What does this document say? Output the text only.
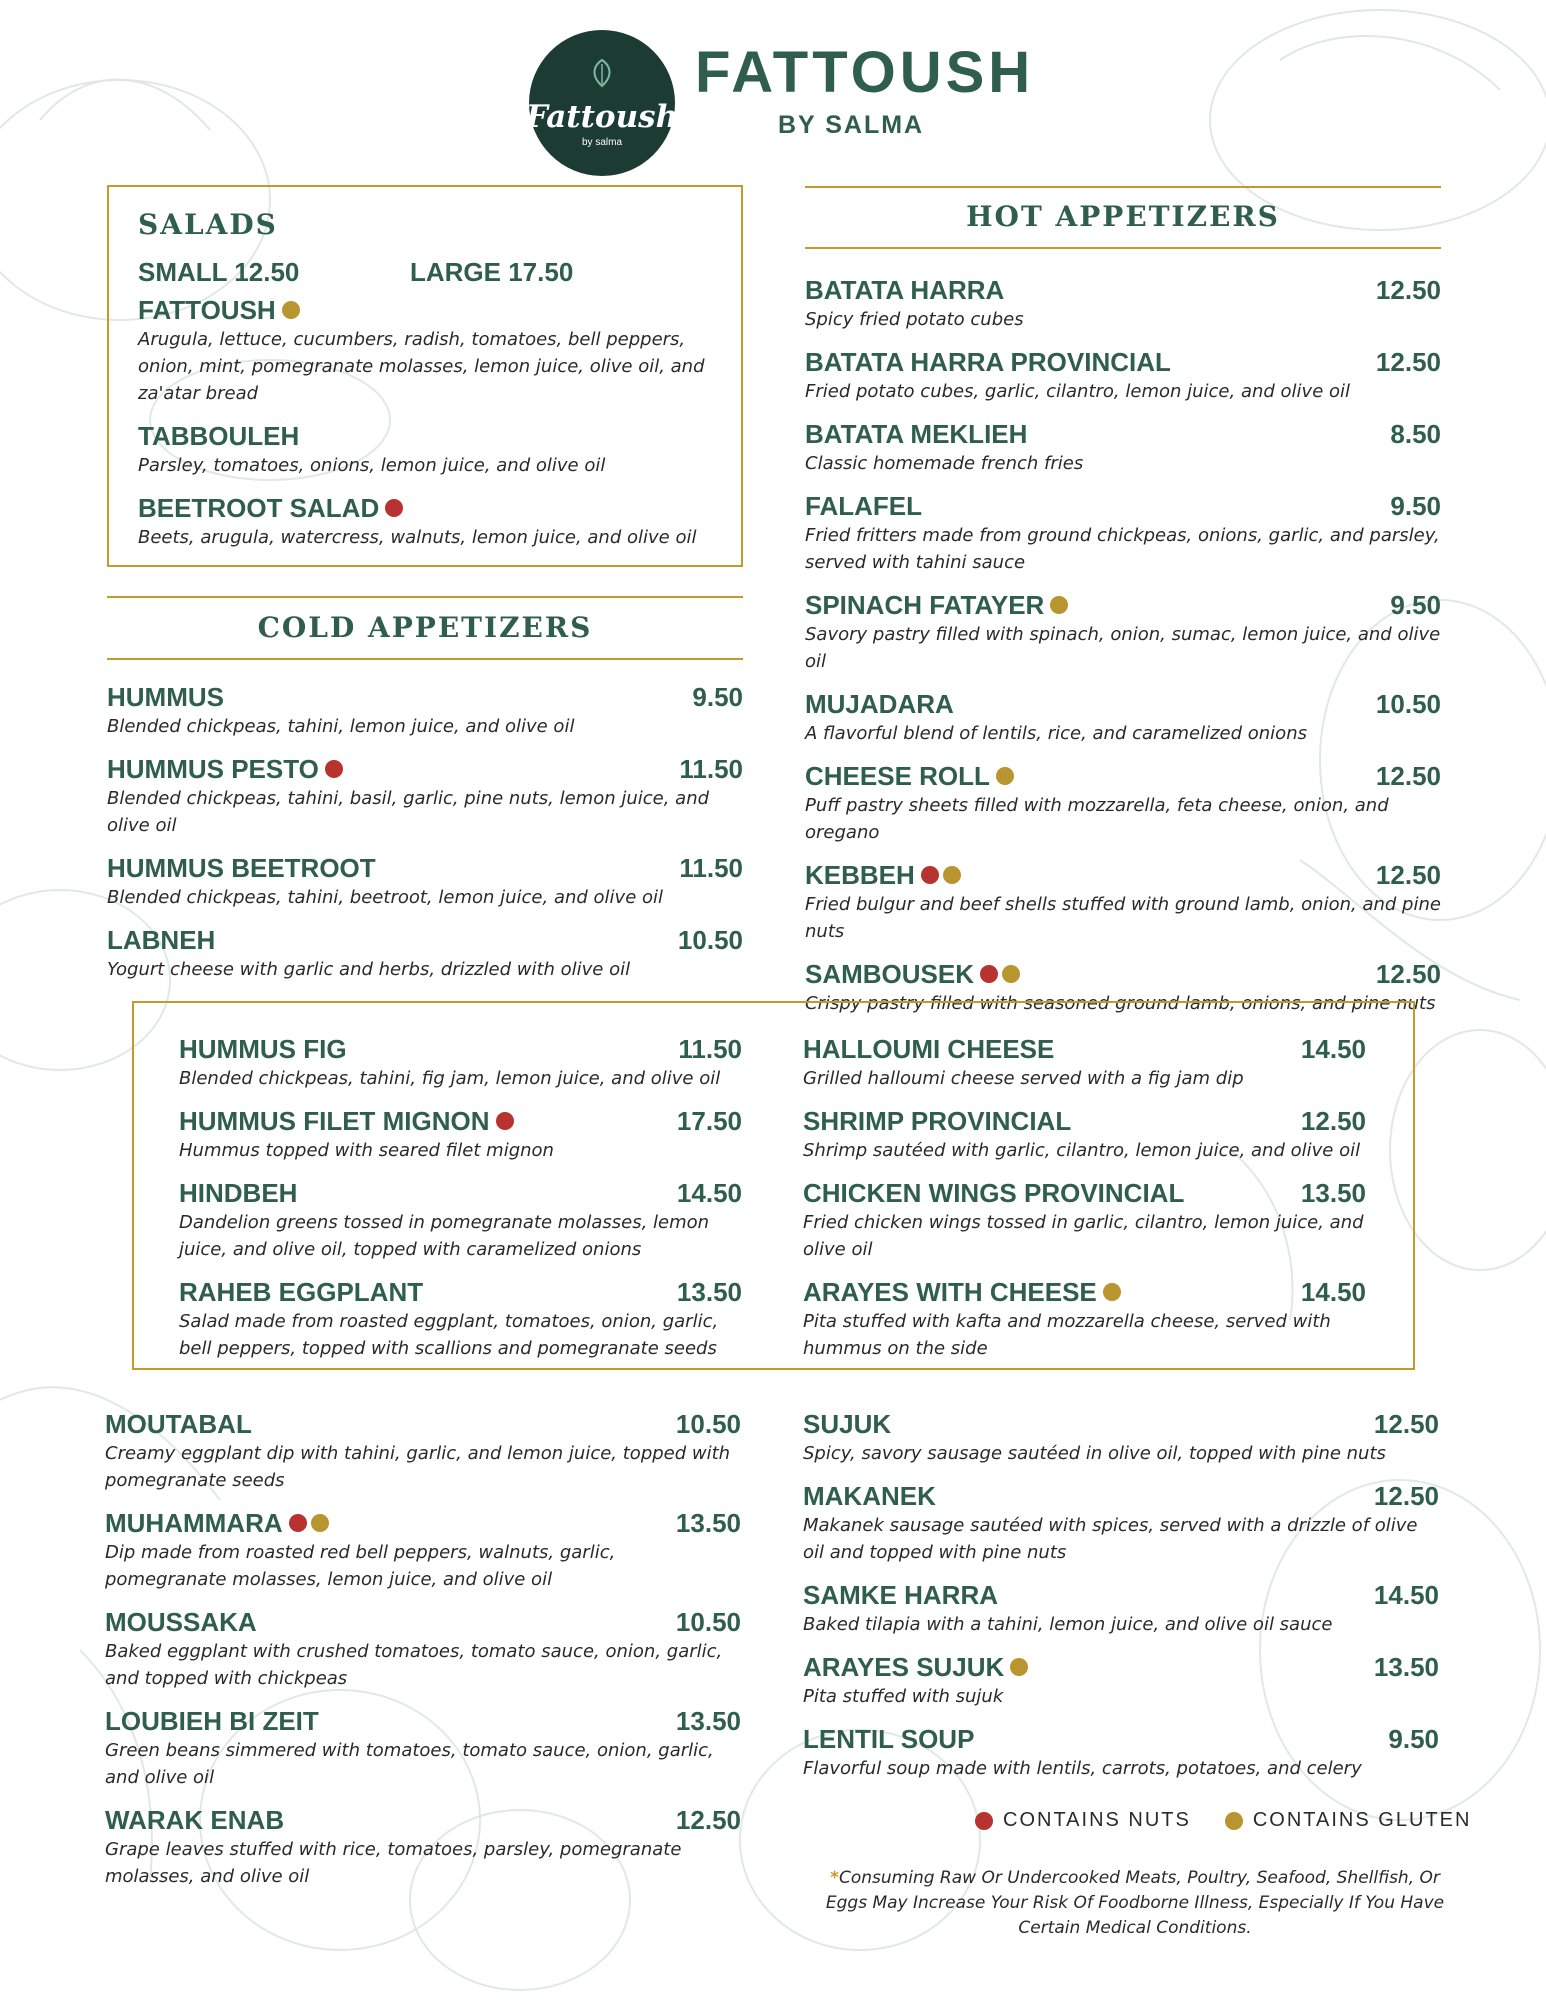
Fattoush
by salma
FATTOUSH
BY SALMA
SALADS
SMALL 12.50	LARGE 17.50
FATTOUSH
Arugula, lettuce, cucumbers, radish, tomatoes, bell peppers, onion, mint, pomegranate molasses, lemon juice, olive oil, and za'atar bread
TABBOULEH
Parsley, tomatoes, onions, lemon juice, and olive oil
BEETROOT SALAD
Beets, arugula, watercress, walnuts, lemon juice, and olive oil
COLD APPETIZERS
HUMMUS	9.50
Blended chickpeas, tahini, lemon juice, and olive oil
HUMMUS PESTO	11.50
Blended chickpeas, tahini, basil, garlic, pine nuts, lemon juice, and olive oil
HUMMUS BEETROOT	11.50
Blended chickpeas, tahini, beetroot, lemon juice, and olive oil
LABNEH	10.50
Yogurt cheese with garlic and herbs, drizzled with olive oil
HOT APPETIZERS
BATATA HARRA	12.50
Spicy fried potato cubes
BATATA HARRA PROVINCIAL	12.50
Fried potato cubes, garlic, cilantro, lemon juice, and olive oil
BATATA MEKLIEH	8.50
Classic homemade french fries
FALAFEL	9.50
Fried fritters made from ground chickpeas, onions, garlic, and parsley, served with tahini sauce
SPINACH FATAYER	9.50
Savory pastry filled with spinach, onion, sumac, lemon juice, and olive oil
MUJADARA	10.50
A flavorful blend of lentils, rice, and caramelized onions
CHEESE ROLL	12.50
Puff pastry sheets filled with mozzarella, feta cheese, onion, and oregano
KEBBEH	12.50
Fried bulgur and beef shells stuffed with ground lamb, onion, and pine nuts
SAMBOUSEK	12.50
Crispy pastry filled with seasoned ground lamb, onions, and pine nuts
HUMMUS FIG	11.50
Blended chickpeas, tahini, fig jam, lemon juice, and olive oil
HUMMUS FILET MIGNON	17.50
Hummus topped with seared filet mignon
HINDBEH	14.50
Dandelion greens tossed in pomegranate molasses, lemon juice, and olive oil, topped with caramelized onions
RAHEB EGGPLANT	13.50
Salad made from roasted eggplant, tomatoes, onion, garlic, bell peppers, topped with scallions and pomegranate seeds
HALLOUMI CHEESE	14.50
Grilled halloumi cheese served with a fig jam dip
SHRIMP PROVINCIAL	12.50
Shrimp sautéed with garlic, cilantro, lemon juice, and olive oil
CHICKEN WINGS PROVINCIAL	13.50
Fried chicken wings tossed in garlic, cilantro, lemon juice, and olive oil
ARAYES WITH CHEESE	14.50
Pita stuffed with kafta and mozzarella cheese, served with hummus on the side
MOUTABAL	10.50
Creamy eggplant dip with tahini, garlic, and lemon juice, topped with pomegranate seeds
MUHAMMARA	13.50
Dip made from roasted red bell peppers, walnuts, garlic, pomegranate molasses, lemon juice, and olive oil
MOUSSAKA	10.50
Baked eggplant with crushed tomatoes, tomato sauce, onion, garlic, and topped with chickpeas
LOUBIEH BI ZEIT	13.50
Green beans simmered with tomatoes, tomato sauce, onion, garlic, and olive oil
WARAK ENAB	12.50
Grape leaves stuffed with rice, tomatoes, parsley, pomegranate molasses, and olive oil
SUJUK	12.50
Spicy, savory sausage sautéed in olive oil, topped with pine nuts
MAKANEK	12.50
Makanek sausage sautéed with spices, served with a drizzle of olive oil and topped with pine nuts
SAMKE HARRA	14.50
Baked tilapia with a tahini, lemon juice, and olive oil sauce
ARAYES SUJUK	13.50
Pita stuffed with sujuk
LENTIL SOUP	9.50
Flavorful soup made with lentils, carrots, potatoes, and celery
CONTAINS NUTS	CONTAINS GLUTEN
*Consuming Raw Or Undercooked Meats, Poultry, Seafood, Shellfish, Or Eggs May Increase Your Risk Of Foodborne Illness, Especially If You Have Certain Medical Conditions.
